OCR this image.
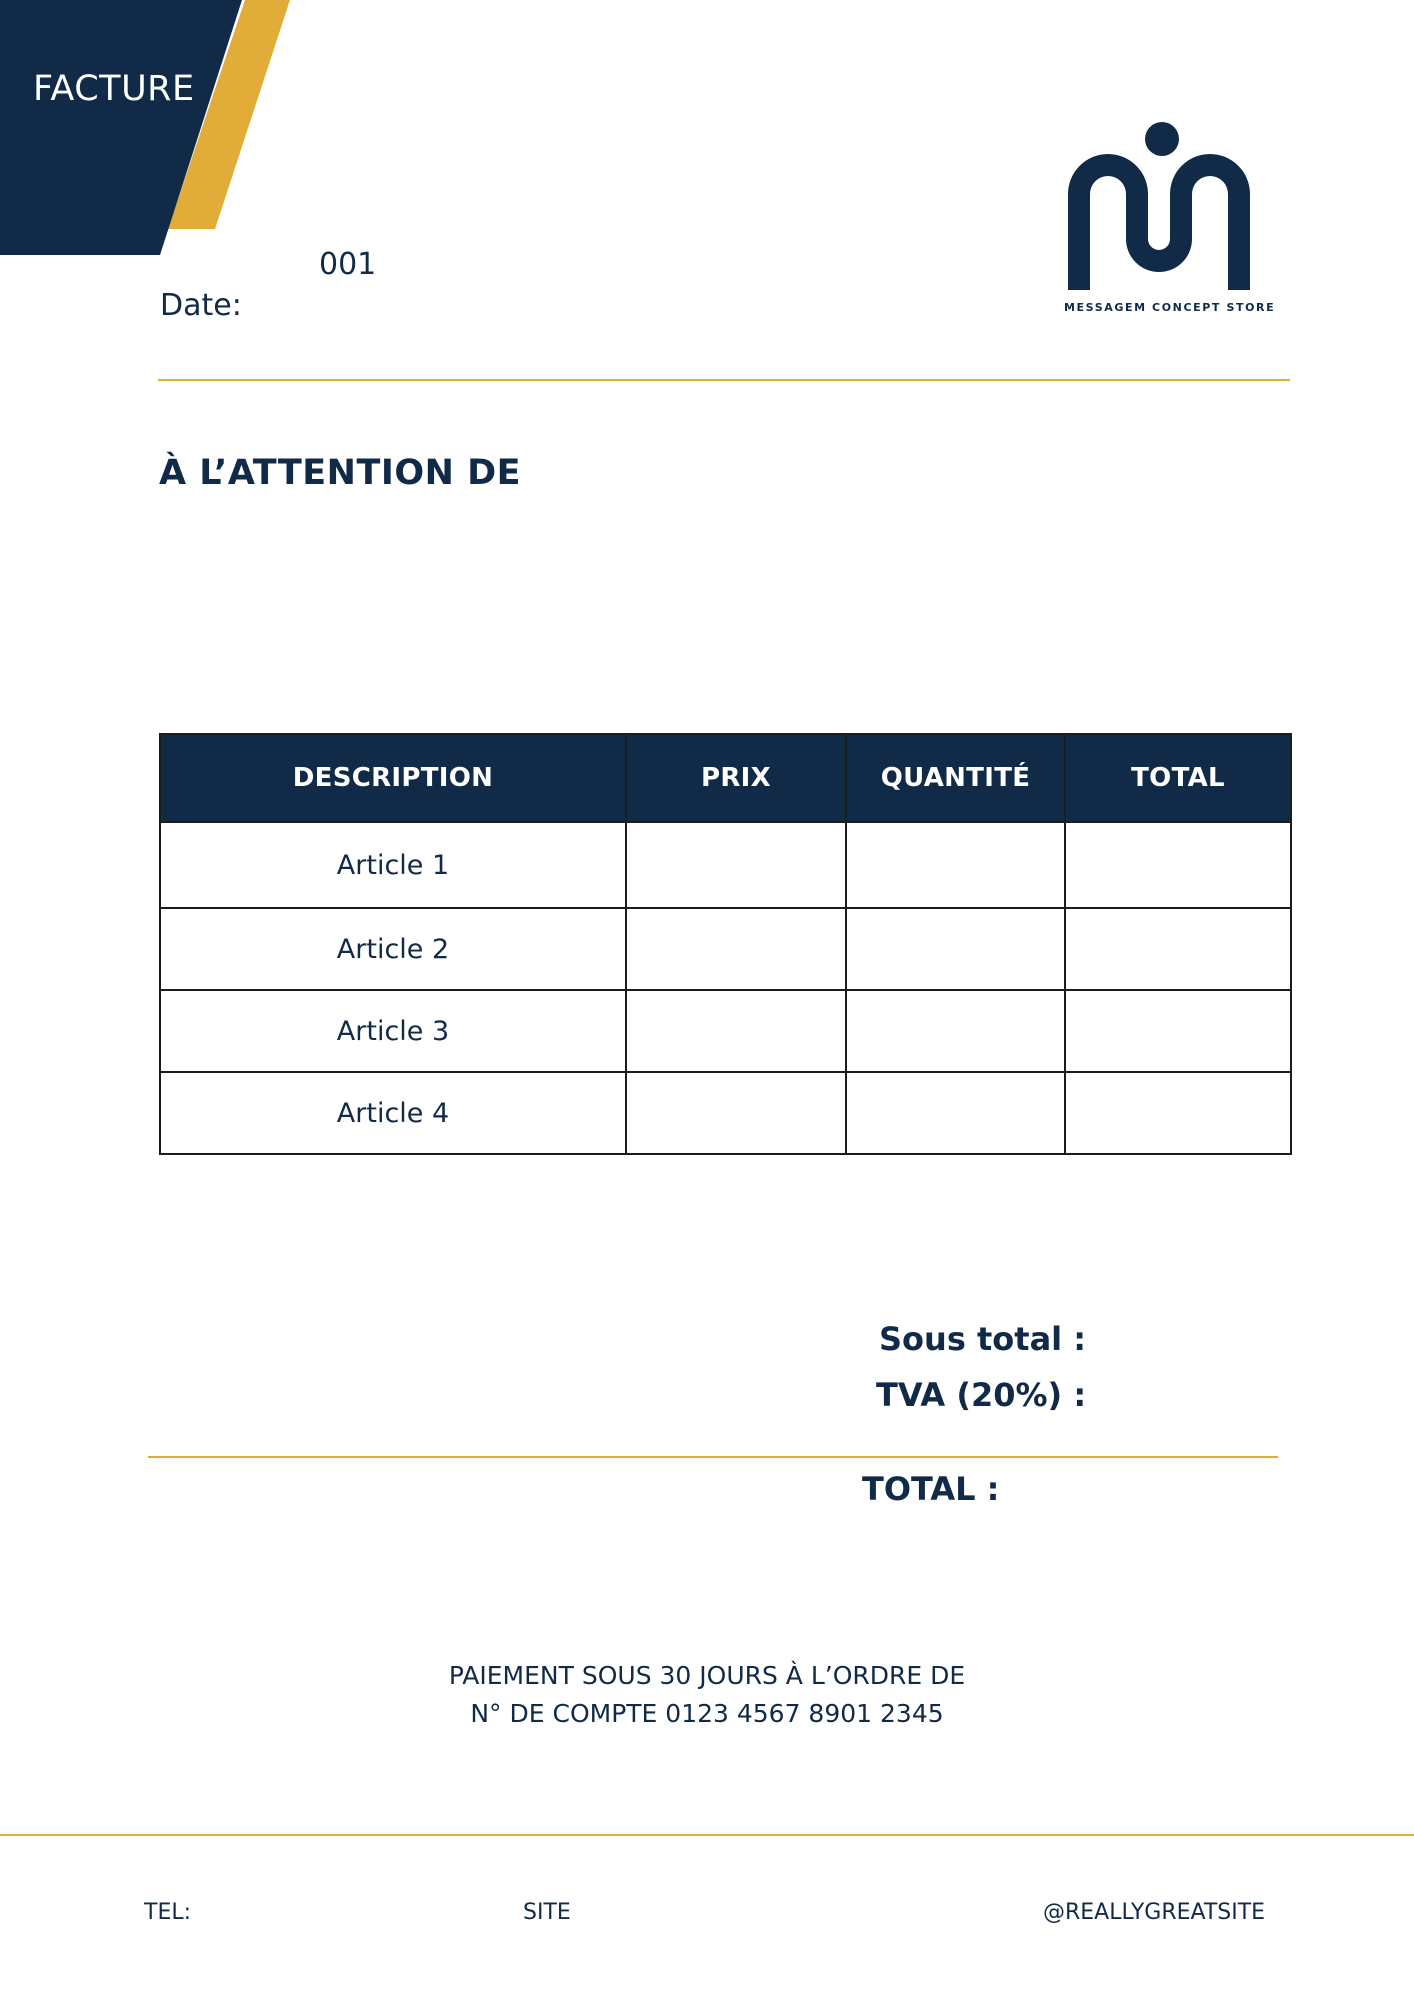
FACTURE
001
Date:	MESSAGEM CONCEPT STORE
À L’ATTENTION DE
DESCRIPTION	PRIX	QUANTITÉ	TOTAL
Article 1			
Article 2			
Article 3			
Article 4			
Sous total :
TVA (20%) :
TOTAL :
PAIEMENT SOUS 30 JOURS À L’ORDRE DE
N° DE COMPTE 0123 4567 8901 2345
TEL:	SITE	@REALLYGREATSITE
